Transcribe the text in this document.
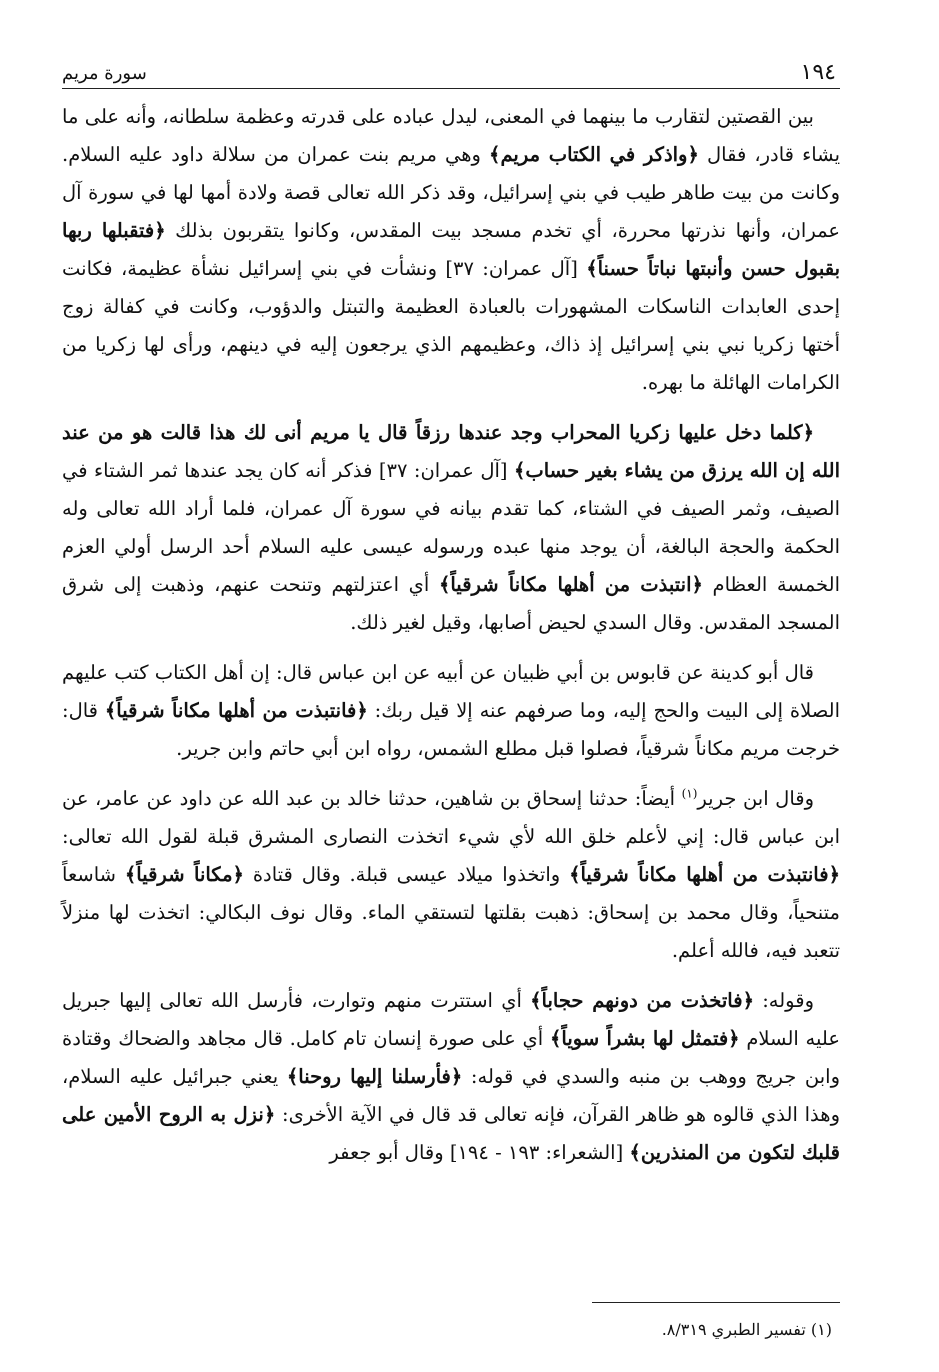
١٩٤
سورة مريم

بين القصتين لتقارب ما بينهما في المعنى، ليدل عباده على قدرته وعظمة سلطانه، وأنه على ما يشاء قادر، فقال ﴿واذكر في الكتاب مريم﴾ وهي مريم بنت عمران من سلالة داود عليه السلام. وكانت من بيت طاهر طيب في بني إسرائيل، وقد ذكر الله تعالى قصة ولادة أمها لها في سورة آل عمران، وأنها نذرتها محررة، أي تخدم مسجد بيت المقدس، وكانوا يتقربون بذلك ﴿فتقبلها ربها بقبول حسن وأنبتها نباتاً حسناً﴾ [آل عمران: ٣٧] ونشأت في بني إسرائيل نشأة عظيمة، فكانت إحدى العابدات الناسكات المشهورات بالعبادة العظيمة والتبتل والدؤوب، وكانت في كفالة زوج أختها زكريا نبي بني إسرائيل إذ ذاك، وعظيمهم الذي يرجعون إليه في دينهم، ورأى لها زكريا من الكرامات الهائلة ما بهره.

﴿كلما دخل عليها زكريا المحراب وجد عندها رزقاً قال يا مريم أنى لك هذا قالت هو من عند الله إن الله يرزق من يشاء بغير حساب﴾ [آل عمران: ٣٧] فذكر أنه كان يجد عندها ثمر الشتاء في الصيف، وثمر الصيف في الشتاء، كما تقدم بيانه في سورة آل عمران، فلما أراد الله تعالى وله الحكمة والحجة البالغة، أن يوجد منها عبده ورسوله عيسى عليه السلام أحد الرسل أولي العزم الخمسة العظام ﴿انتبذت من أهلها مكاناً شرقياً﴾ أي اعتزلتهم وتنحت عنهم، وذهبت إلى شرق المسجد المقدس. وقال السدي لحيض أصابها، وقيل لغير ذلك.

قال أبو كدينة عن قابوس بن أبي ظبيان عن أبيه عن ابن عباس قال: إن أهل الكتاب كتب عليهم الصلاة إلى البيت والحج إليه، وما صرفهم عنه إلا قيل ربك: ﴿فانتبذت من أهلها مكاناً شرقياً﴾ قال: خرجت مريم مكاناً شرقياً، فصلوا قبل مطلع الشمس، رواه ابن أبي حاتم وابن جرير.

وقال ابن جرير$^{(١)}$ أيضاً: حدثنا إسحاق بن شاهين، حدثنا خالد بن عبد الله عن داود عن عامر، عن ابن عباس قال: إني لأعلم خلق الله لأي شيء اتخذت النصارى المشرق قبلة لقول الله تعالى: ﴿فانتبذت من أهلها مكاناً شرقياً﴾ واتخذوا ميلاد عيسى قبلة. وقال قتادة ﴿مكاناً شرقياً﴾ شاسعاً متنحياً، وقال محمد بن إسحاق: ذهبت بقلتها لتستقي الماء. وقال نوف البكالي: اتخذت لها منزلاً تتعبد فيه، فالله أعلم.

وقوله: ﴿فاتخذت من دونهم حجاباً﴾ أي استترت منهم وتوارت، فأرسل الله تعالى إليها جبريل عليه السلام ﴿فتمثل لها بشراً سوياً﴾ أي على صورة إنسان تام كامل. قال مجاهد والضحاك وقتادة وابن جريج ووهب بن منبه والسدي في قوله: ﴿فأرسلنا إليها روحنا﴾ يعني جبرائيل عليه السلام، وهذا الذي قالوه هو ظاهر القرآن، فإنه تعالى قد قال في الآية الأخرى: ﴿نزل به الروح الأمين على قلبك لتكون من المنذرين﴾ [الشعراء: ١٩٣ - ١٩٤] وقال أبو جعفر

(١) تفسير الطبري ٨/٣١٩.
